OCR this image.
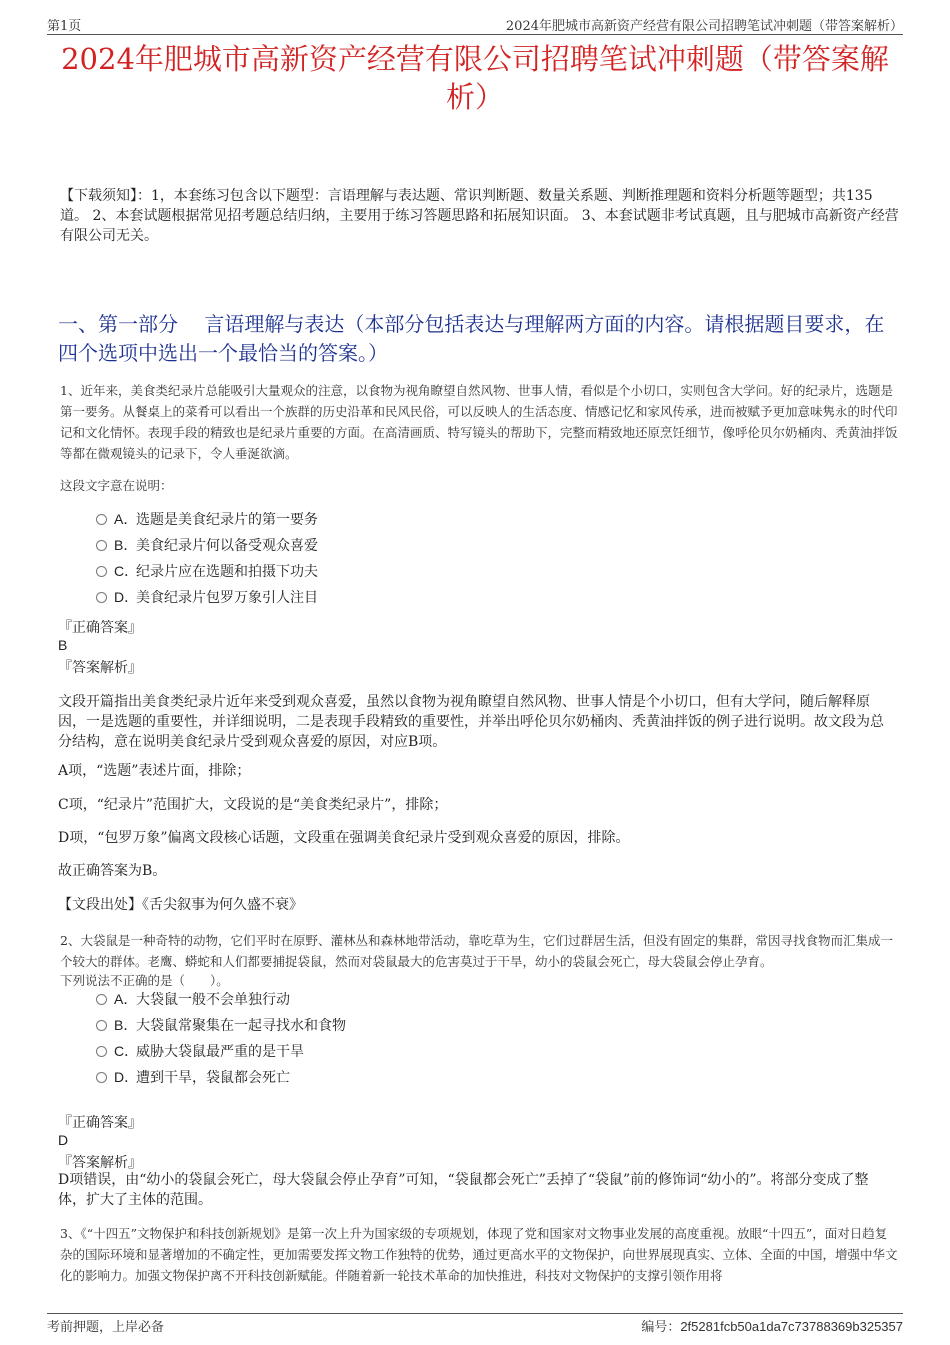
第1页	2024年肥城市高新资产经营有限公司招聘笔试冲刺题（带答案解析）
2024年肥城市高新资产经营有限公司招聘笔试冲刺题（带答案解析）
【下载须知】：1，本套练习包含以下题型：言语理解与表达题、常识判断题、数量关系题、判断推理题和资料分析题等题型；共135道。 2、本套试题根据常见招考题总结归纳，主要用于练习答题思路和拓展知识面。 3、本套试题非考试真题，且与肥城市高新资产经营有限公司无关。
一、第一部分　 言语理解与表达（本部分包括表达与理解两方面的内容。请根据题目要求，在四个选项中选出一个最恰当的答案。）
1、近年来，美食类纪录片总能吸引大量观众的注意，以食物为视角瞭望自然风物、世事人情，看似是个小切口，实则包含大学问。好的纪录片，选题是第一要务。从餐桌上的菜肴可以看出一个族群的历史沿革和民风民俗，可以反映人的生活态度、情感记忆和家风传承，进而被赋予更加意味隽永的时代印记和文化情怀。表现手段的精致也是纪录片重要的方面。在高清画质、特写镜头的帮助下，完整而精致地还原烹饪细节，像呼伦贝尔奶桶肉、秃黄油拌饭等都在微观镜头的记录下，令人垂涎欲滴。
这段文字意在说明：
A．选题是美食纪录片的第一要务
B．美食纪录片何以备受观众喜爱
C．纪录片应在选题和拍摄下功夫
D．美食纪录片包罗万象引人注目
『正确答案』
B
『答案解析』
文段开篇指出美食类纪录片近年来受到观众喜爱，虽然以食物为视角瞭望自然风物、世事人情是个小切口，但有大学问，随后解释原因，一是选题的重要性，并详细说明，二是表现手段精致的重要性，并举出呼伦贝尔奶桶肉、秃黄油拌饭的例子进行说明。故文段为总分结构，意在说明美食纪录片受到观众喜爱的原因，对应B项。
A项，“选题”表述片面，排除；
C项，“纪录片”范围扩大，文段说的是“美食类纪录片”，排除；
D项，“包罗万象”偏离文段核心话题，文段重在强调美食纪录片受到观众喜爱的原因，排除。
故正确答案为B。
【文段出处】《舌尖叙事为何久盛不衰》
2、大袋鼠是一种奇特的动物，它们平时在原野、灌林丛和森林地带活动，靠吃草为生，它们过群居生活，但没有固定的集群，常因寻找食物而汇集成一个较大的群体。老鹰、蟒蛇和人们都要捕捉袋鼠，然而对袋鼠最大的危害莫过于干旱，幼小的袋鼠会死亡，母大袋鼠会停止孕育。
下列说法不正确的是（　　）。
A．大袋鼠一般不会单独行动
B．大袋鼠常聚集在一起寻找水和食物
C．威胁大袋鼠最严重的是干旱
D．遭到干旱，袋鼠都会死亡
『正确答案』
D
『答案解析』
D项错误，由“幼小的袋鼠会死亡，母大袋鼠会停止孕育”可知，“袋鼠都会死亡”丢掉了“袋鼠”前的修饰词“幼小的”。将部分变成了整体，扩大了主体的范围。
3、《“十四五”文物保护和科技创新规划》是第一次上升为国家级的专项规划，体现了党和国家对文物事业发展的高度重视。放眼“十四五”，面对日趋复杂的国际环境和显著增加的不确定性，更加需要发挥文物工作独特的优势，通过更高水平的文物保护，向世界展现真实、立体、全面的中国，增强中华文化的影响力。加强文物保护离不开科技创新赋能。伴随着新一轮技术革命的加快推进，科技对文物保护的支撑引领作用将
考前押题，上岸必备	编号：2f5281fcb50a1da7c73788369b325357
